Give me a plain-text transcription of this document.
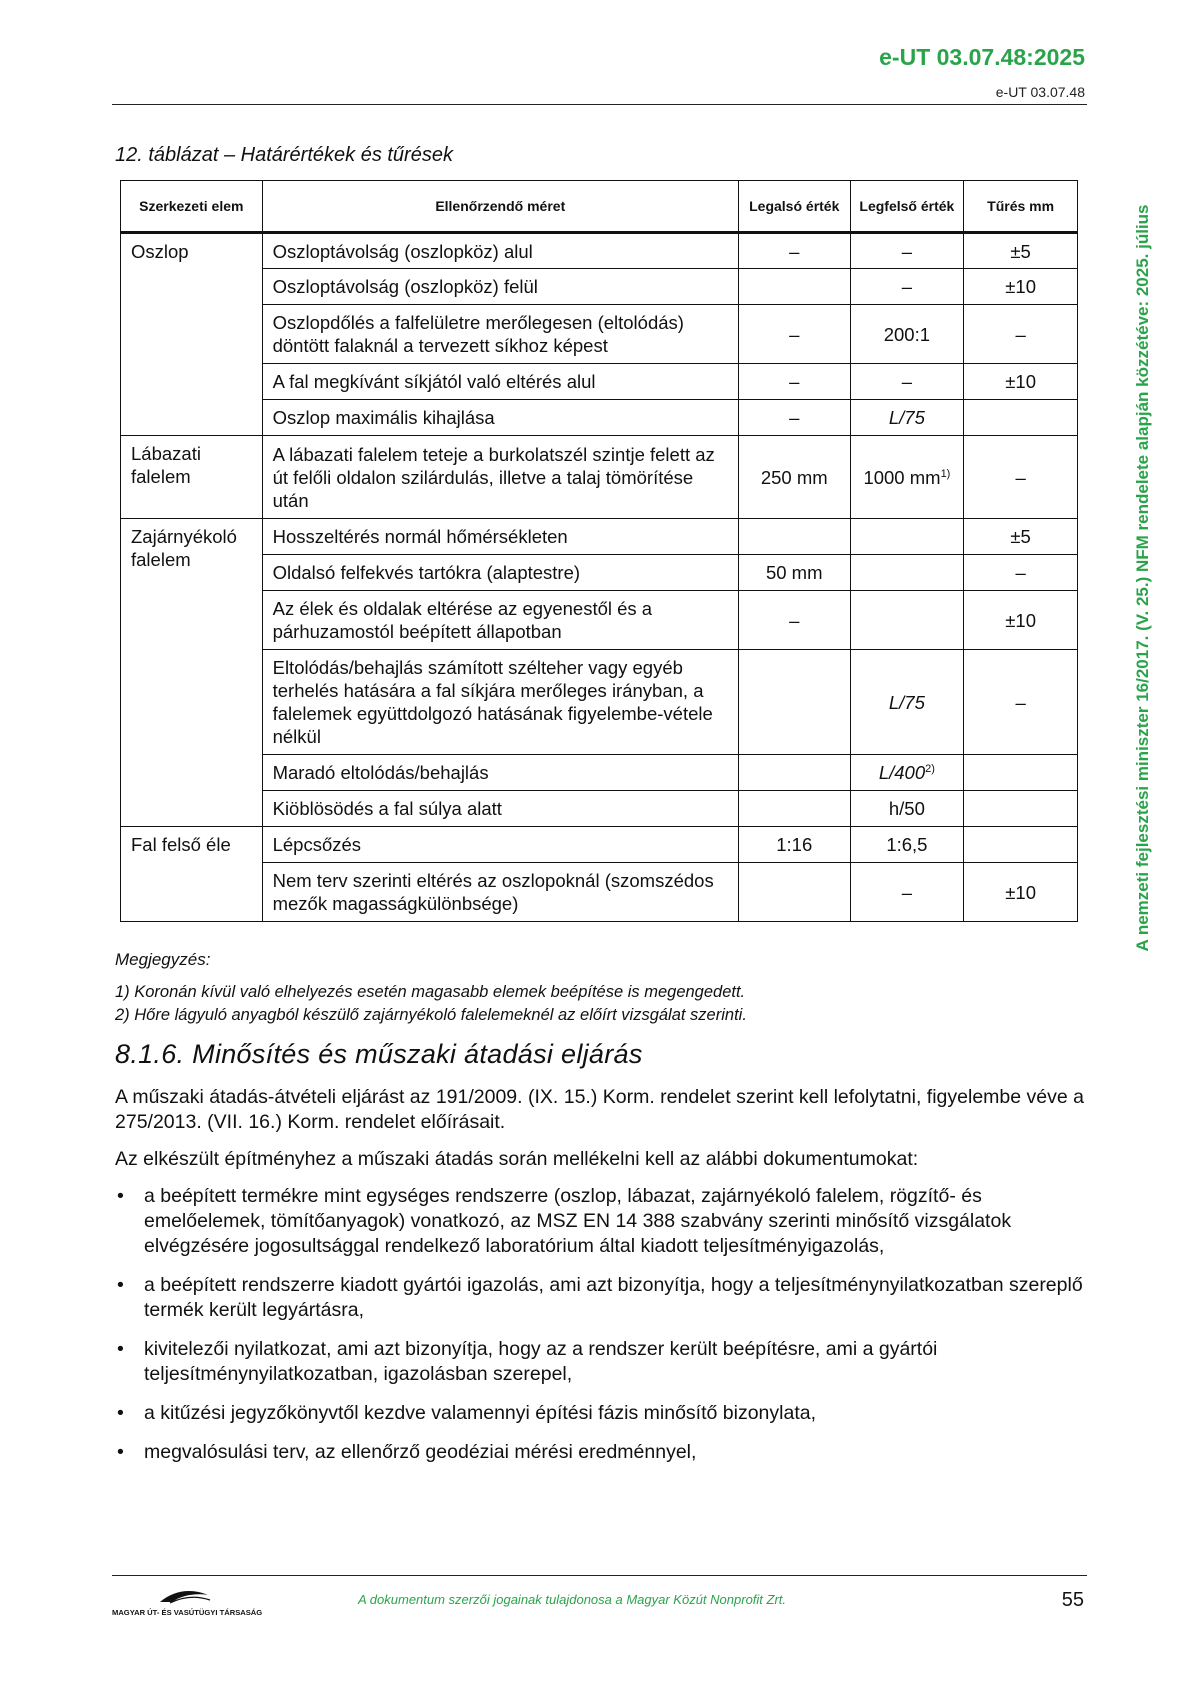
e-UT 03.07.48:2025
e-UT 03.07.48
A nemzeti fejlesztési miniszter 16/2017. (V. 25.) NFM rendelete alapján közzétéve: 2025. július
12. táblázat – Határértékek és tűrések
Szerkezeti elem	Ellenőrzendő méret	Legalsó érték	Legfelső érték	Tűrés mm
Oszlop	Oszloptávolság (oszlopköz) alul	–	–	±5
	Oszloptávolság (oszlopköz) felül		–	±10
	Oszlopdőlés a falfelületre merőlegesen (eltolódás) döntött falaknál a tervezett síkhoz képest	–	200:1	–
	A fal megkívánt síkjától való eltérés alul	–	–	±10
	Oszlop maximális kihajlása	–	L/75	
Lábazati falelem	A lábazati falelem teteje a burkolatszél szintje felett az út felőli oldalon szilárdulás, illetve a talaj tömörítése után	250 mm	1000 $mm^{1)}$	–
Zajárnyékoló falelem	Hosszeltérés normál hőmérsékleten			±5
	Oldalsó felfekvés tartókra (alaptestre)	50 mm		–
	Az élek és oldalak eltérése az egyenestől és a párhuzamostól beépített állapotban	–		±10
	Eltolódás/behajlás számított szélteher vagy egyéb terhelés hatására a fal síkjára merőleges irányban, a falelemek együttdolgozó hatásának figyelembe-vétele nélkül		L/75	–
	Maradó eltolódás/behajlás		L/400$^{2)}$	
	Kiöblösödés a fal súlya alatt		h/50	
Fal felső éle	Lépcsőzés	1:16	1:6,5	
	Nem terv szerinti eltérés az oszlopoknál (szomszédos mezők magasságkülönbsége)		–	±10
Megjegyzés:
1) Koronán kívül való elhelyezés esetén magasabb elemek beépítése is megengedett.
2) Hőre lágyuló anyagból készülő zajárnyékoló falelemeknél az előírt vizsgálat szerinti.
8.1.6. Minősítés és műszaki átadási eljárás
A műszaki átadás-átvételi eljárást az 191/2009. (IX. 15.) Korm. rendelet szerint kell lefolytatni, figyelembe véve a 275/2013. (VII. 16.) Korm. rendelet előírásait.
Az elkészült építményhez a műszaki átadás során mellékelni kell az alábbi dokumentumokat:
• a beépített termékre mint egységes rendszerre (oszlop, lábazat, zajárnyékoló falelem, rögzítő- és emelőelemek, tömítőanyagok) vonatkozó, az MSZ EN 14 388 szabvány szerinti minősítő vizsgálatok elvégzésére jogosultsággal rendelkező laboratórium által kiadott teljesítményigazolás,
• a beépített rendszerre kiadott gyártói igazolás, ami azt bizonyítja, hogy a teljesítménynyilatkozatban szereplő termék került legyártásra,
• kivitelezői nyilatkozat, ami azt bizonyítja, hogy az a rendszer került beépítésre, ami a gyártói teljesítménynyilatkozatban, igazolásban szerepel,
• a kitűzési jegyzőkönyvtől kezdve valamennyi építési fázis minősítő bizonylata,
• megvalósulási terv, az ellenőrző geodéziai mérési eredménnyel,
MAGYAR ÚT- ÉS VASÚTÜGYI TÁRSASÁG
A dokumentum szerzői jogainak tulajdonosa a Magyar Közút Nonprofit Zrt.	55
